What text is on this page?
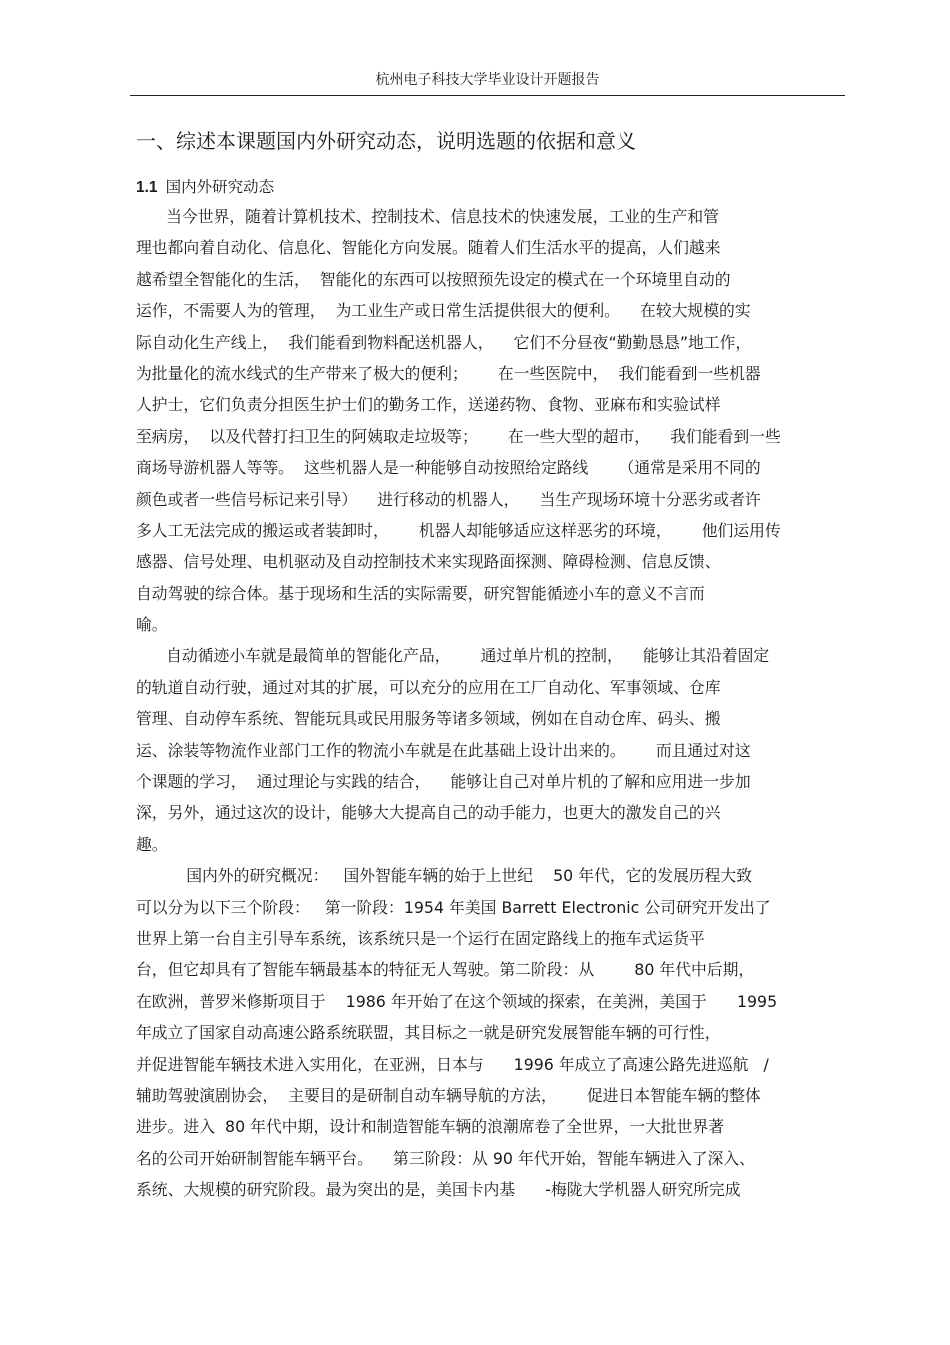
杭州电子科技大学毕业设计开题报告
一、综述本课题国内外研究动态，说明选题的依据和意义
1.1 国内外研究动态
当今世界，随着计算机技术、控制技术、信息技术的快速发展，工业的生产和管
理也都向着自动化、信息化、智能化方向发展。随着人们生活水平的提高，人们越来
越希望全智能化的生活，  智能化的东西可以按照预先设定的模式在一个环境里自动的
运作，不需要人为的管理，  为工业生产或日常生活提供很大的便利。    在较大规模的实
际自动化生产线上，  我们能看到物料配送机器人，    它们不分昼夜“勤勤恳恳”地工作，
为批量化的流水线式的生产带来了极大的便利；      在一些医院中，  我们能看到一些机器
人护士，它们负责分担医生护士们的勤务工作，送递药物、食物、亚麻布和实验试样
至病房，  以及代替打扫卫生的阿姨取走垃圾等；      在一些大型的超市，    我们能看到一些
商场导游机器人等等。  这些机器人是一种能够自动按照给定路线      （通常是采用不同的
颜色或者一些信号标记来引导）    进行移动的机器人，    当生产现场环境十分恶劣或者许
多人工无法完成的搬运或者装卸时，      机器人却能够适应这样恶劣的环境，      他们运用传
感器、信号处理、电机驱动及自动控制技术来实现路面探测、障碍检测、信息反馈、
自动驾驶的综合体。基于现场和生活的实际需要，研究智能循迹小车的意义不言而
喻。
自动循迹小车就是最简单的智能化产品，      通过单片机的控制，    能够让其沿着固定
的轨道自动行驶，通过对其的扩展，可以充分的应用在工厂自动化、军事领域、仓库
管理、自动停车系统、智能玩具或民用服务等诸多领域，例如在自动仓库、码头、搬
运、涂装等物流作业部门工作的物流小车就是在此基础上设计出来的。      而且通过对这
个课题的学习，  通过理论与实践的结合，    能够让自己对单片机的了解和应用进一步加
深，另外，通过这次的设计，能够大大提高自己的动手能力，也更大的激发自己的兴
趣。
国内外的研究概况：   国外智能车辆的始于上世纪    50 年代，它的发展历程大致
可以分为以下三个阶段：   第一阶段：1954 年美国 Barrett Electronic 公司研究开发出了
世界上第一台自主引导车系统，该系统只是一个运行在固定路线上的拖车式运货平
台，但它却具有了智能车辆最基本的特征无人驾驶。第二阶段：从        80 年代中后期，
在欧洲，普罗米修斯项目于    1986 年开始了在这个领域的探索，在美洲，美国于      1995
年成立了国家自动高速公路系统联盟，其目标之一就是研究发展智能车辆的可行性，
并促进智能车辆技术进入实用化，在亚洲，日本与      1996 年成立了高速公路先进巡航   /
辅助驾驶演剧协会，  主要目的是研制自动车辆导航的方法，      促进日本智能车辆的整体
进步。进入  80 年代中期，设计和制造智能车辆的浪潮席卷了全世界，一大批世界著
名的公司开始研制智能车辆平台。    第三阶段：从 90 年代开始，智能车辆进入了深入、
系统、大规模的研究阶段。最为突出的是，美国卡内基      -梅陇大学机器人研究所完成
